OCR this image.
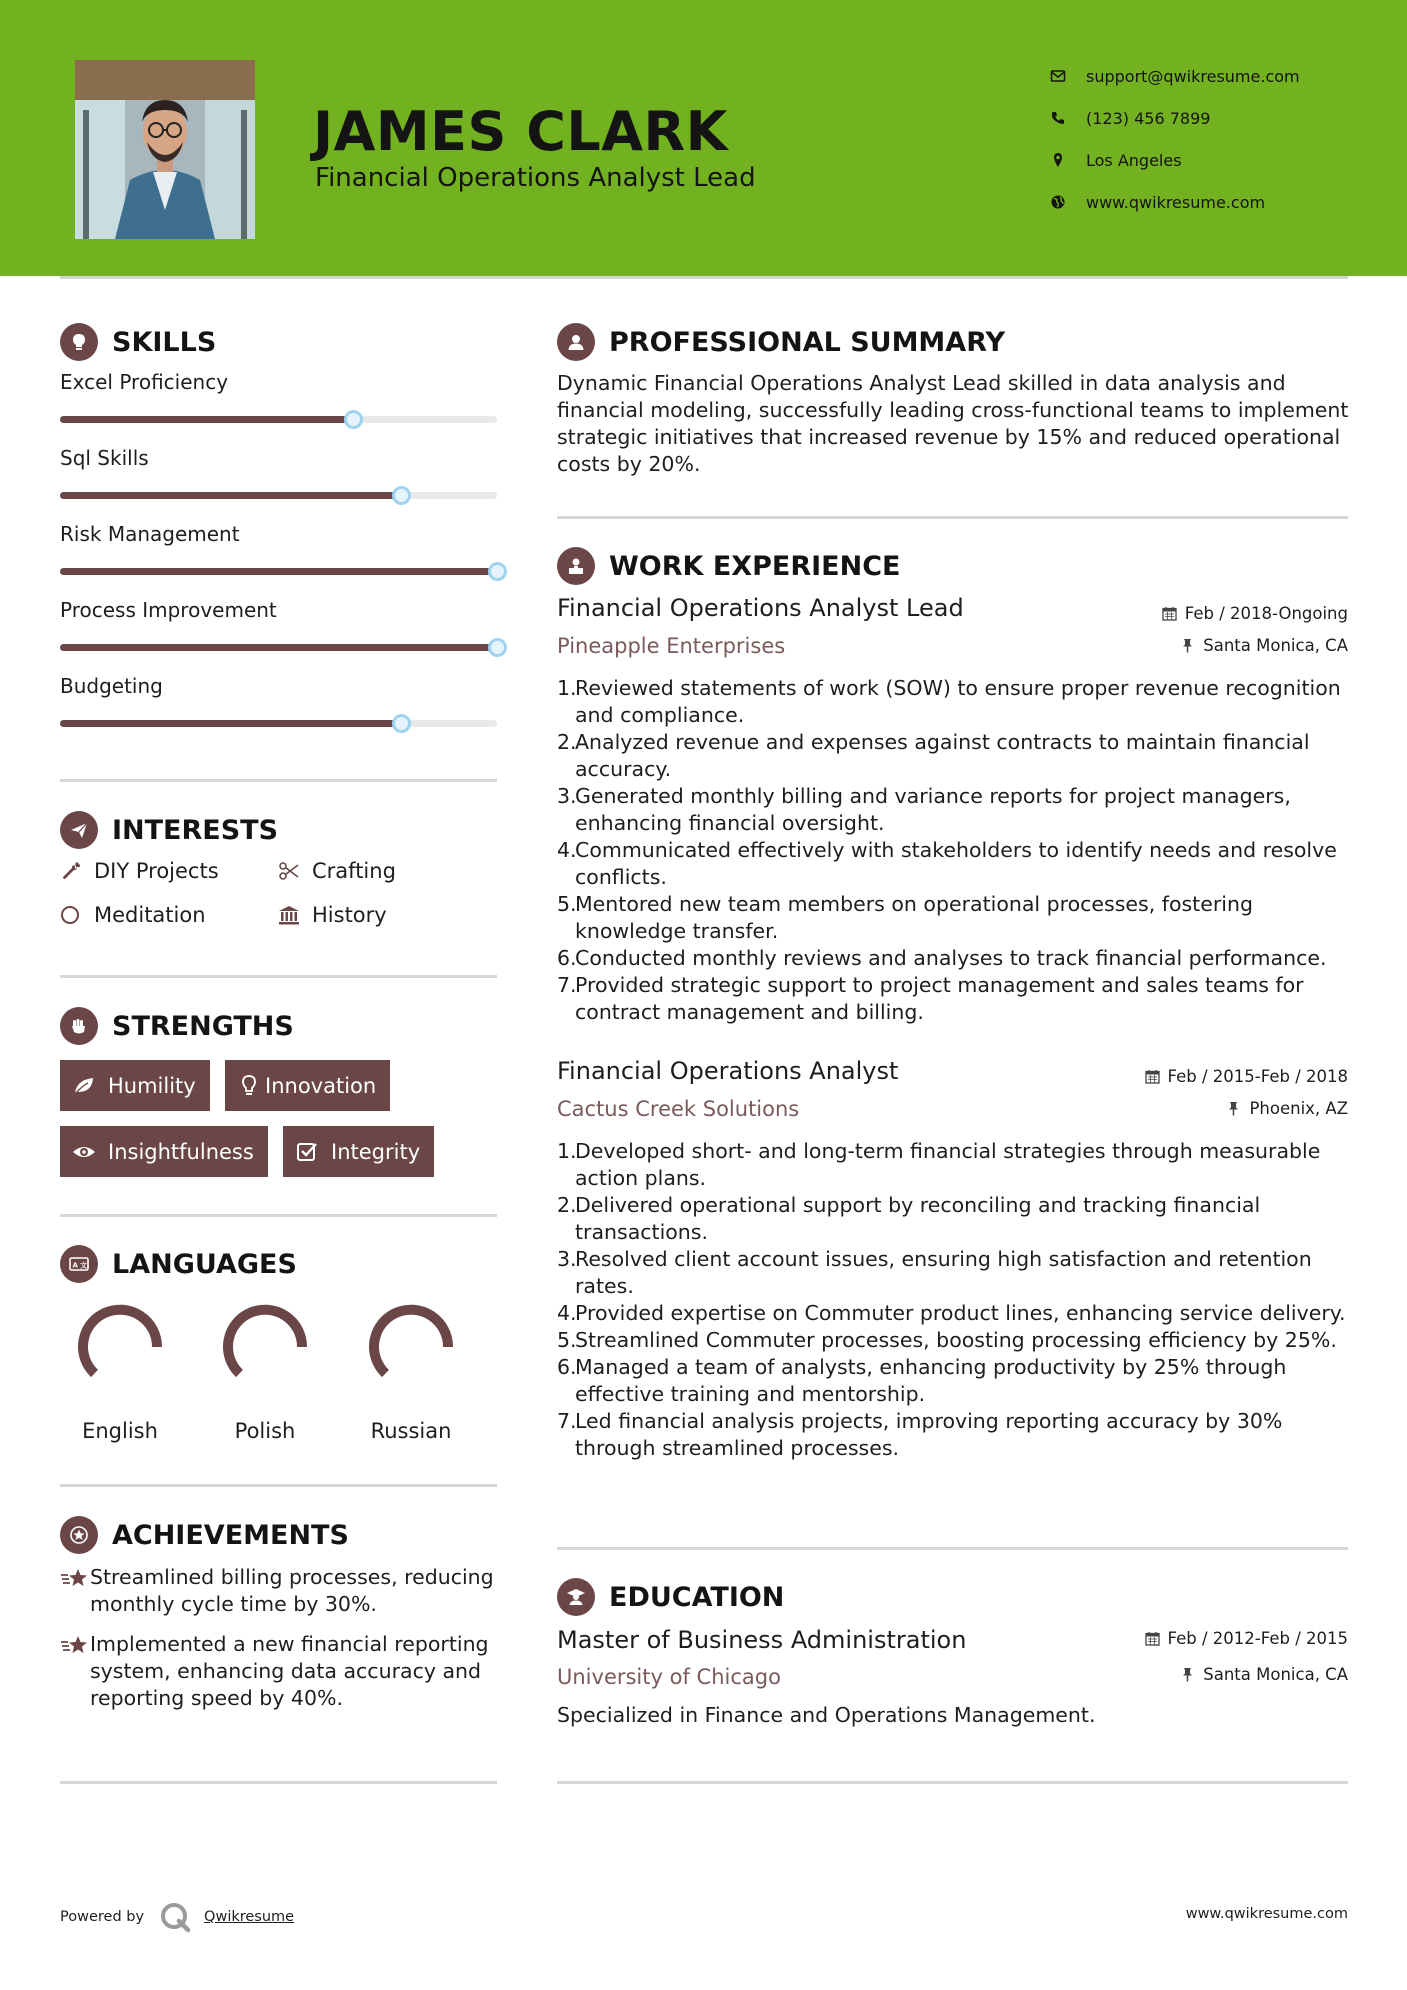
JAMES CLARK
Financial Operations Analyst Lead
support@qwikresume.com
(123) 456 7899
Los Angeles
www.qwikresume.com
SKILLS
Excel Proficiency
Sql Skills
Risk Management
Process Improvement
Budgeting
INTERESTS
DIY Projects	Crafting
Meditation	History
STRENGTHS
Humility	Innovation
Insightfulness	Integrity
A 文 LANGUAGES
English	Polish	Russian
ACHIEVEMENTS
Streamlined billing processes, reducing monthly cycle time by 30%.
Implemented a new financial reporting system, enhancing data accuracy and reporting speed by 40%.
PROFESSIONAL SUMMARY
Dynamic Financial Operations Analyst Lead skilled in data analysis and financial modeling, successfully leading cross-functional teams to implement strategic initiatives that increased revenue by 15% and reduced operational costs by 20%.
WORK EXPERIENCE
Financial Operations Analyst Lead
Pineapple Enterprises
Feb / 2018-Ongoing
Santa Monica, CA
1.
Reviewed statements of work (SOW) to ensure proper revenue recognition and compliance.
2.
Analyzed revenue and expenses against contracts to maintain financial accuracy.
3.
Generated monthly billing and variance reports for project managers, enhancing financial oversight.
4.
Communicated effectively with stakeholders to identify needs and resolve conflicts.
5.
Mentored new team members on operational processes, fostering knowledge transfer.
6.
Conducted monthly reviews and analyses to track financial performance.
7.
Provided strategic support to project management and sales teams for contract management and billing.
Financial Operations Analyst
Cactus Creek Solutions
Feb / 2015-Feb / 2018
Phoenix, AZ
1.
Developed short- and long-term financial strategies through measurable action plans.
2.
Delivered operational support by reconciling and tracking financial transactions.
3.
Resolved client account issues, ensuring high satisfaction and retention rates.
4.
Provided expertise on Commuter product lines, enhancing service delivery.
5.
Streamlined Commuter processes, boosting processing efficiency by 25%.
6.
Managed a team of analysts, enhancing productivity by 25% through effective training and mentorship.
7.
Led financial analysis projects, improving reporting accuracy by 30% through streamlined processes.
EDUCATION
Master of Business Administration
University of Chicago
Feb / 2012-Feb / 2015
Santa Monica, CA
Specialized in Finance and Operations Management.
Powered by	Qwikresume	www.qwikresume.com
